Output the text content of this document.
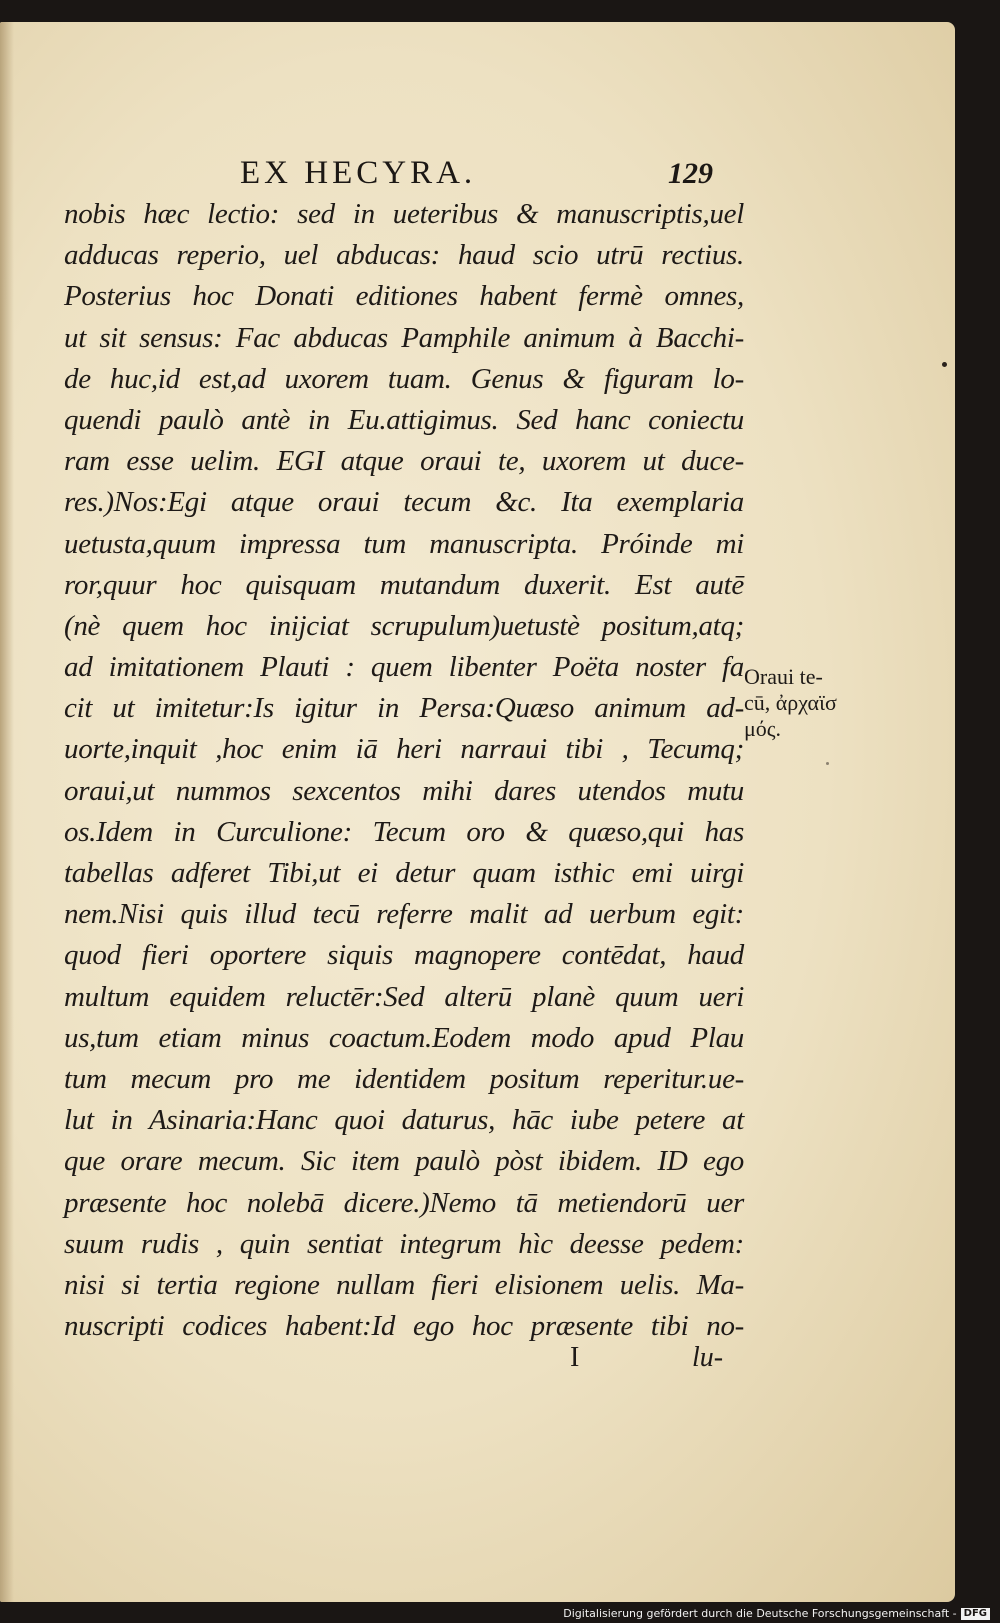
EX HECYRA.	129
nobis hæc lectio: sed in ueteribus & manuscriptis,uel
adducas reperio, uel abducas: haud scio utrū rectius.
Posterius hoc Donati editiones habent fermè omnes,
ut sit sensus: Fac abducas Pamphile animum à Bacchi-
de huc,id est,ad uxorem tuam. Genus & figuram lo-
quendi paulò antè in Eu.attigimus. Sed hanc coniectu
ram esse uelim. EGI atque oraui te, uxorem ut duce-
res.)Nos:Egi atque oraui tecum &c. Ita exemplaria
uetusta,quum impressa tum manuscripta. Próinde mi
ror,quur hoc quisquam mutandum duxerit. Est autē
(nè quem hoc inijciat scrupulum)uetustè positum,atq;
ad imitationem Plauti : quem libenter Poëta noster fa
cit ut imitetur:Is igitur in Persa:Quæso animum ad-
uorte,inquit ,hoc enim iā heri narraui tibi , Tecumq;
oraui,ut nummos sexcentos mihi dares utendos mutu
os.Idem in Curculione: Tecum oro & quæso,qui has
tabellas adferet Tibi,ut ei detur quam isthic emi uirgi
nem.Nisi quis illud tecū referre malit ad uerbum egit:
quod fieri oportere siquis magnopere contēdat, haud
multum equidem reluctēr:Sed alterū planè quum ueri
us,tum etiam minus coactum.Eodem modo apud Plau
tum mecum pro me identidem positum reperitur.ue-
lut in Asinaria:Hanc quoi daturus, hāc iube petere at
que orare mecum. Sic item paulò pòst ibidem. ID ego
præsente hoc nolebā dicere.)Nemo tā metiendorū uer
suum rudis , quin sentiat integrum hìc deesse pedem:
nisi si tertia regione nullam fieri elisionem uelis. Ma-
nuscripti codices habent:Id ego hoc præsente tibi no-
Oraui te-
cū, ἀρχαϊσ
μός.
I	lu-
Digitalisierung gefördert durch die Deutsche Forschungsgemeinschaft - DFG
